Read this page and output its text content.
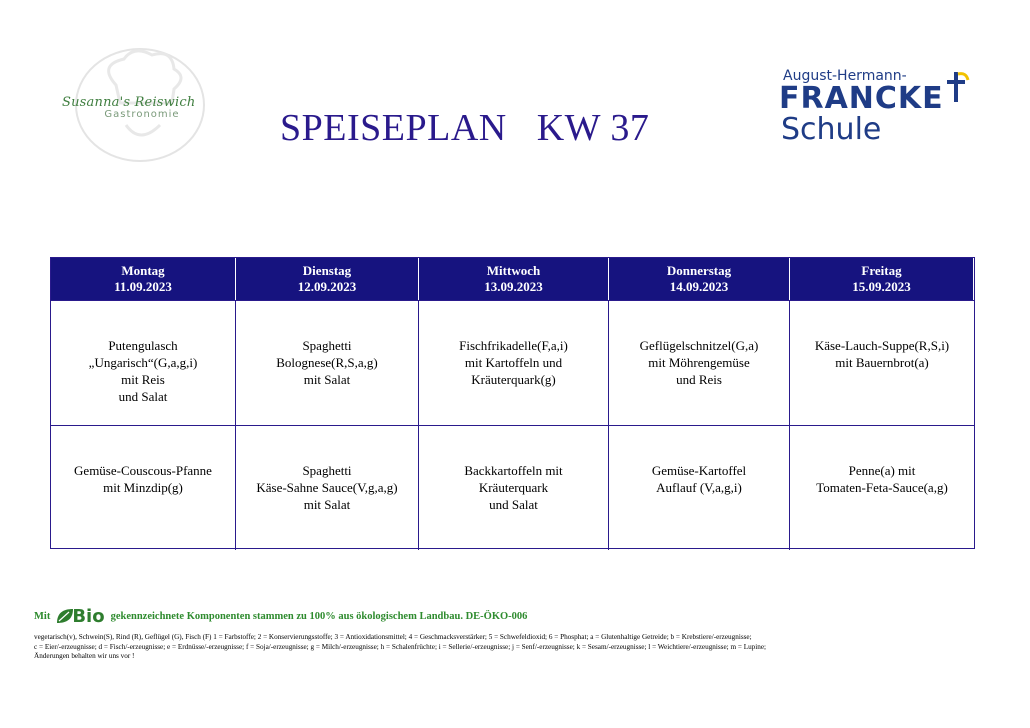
Susanna's Reiswich
Gastronomie	SPEISEPLAN   KW 37
August-Hermann-
FRANCKE
Schule
Montag
11.09.2023
Dienstag
12.09.2023
Mittwoch
13.09.2023
Donnerstag
14.09.2023
Freitag
15.09.2023
Putengulasch
„Ungarisch“(G,a,g,i)
mit Reis
und Salat
Spaghetti
Bolognese(R,S,a,g)
mit Salat
Fischfrikadelle(F,a,i)
mit Kartoffeln und
Kräuterquark(g)
Geflügelschnitzel(G,a)
mit Möhrengemüse
und Reis
Käse-Lauch-Suppe(R,S,i)
mit Bauernbrot(a)
Gemüse-Couscous-Pfanne
mit Minzdip(g)
Spaghetti
Käse-Sahne Sauce(V,g,a,g)
mit Salat
Backkartoffeln mit
Kräuterquark
und Salat
Gemüse-Kartoffel
Auflauf (V,a,g,i)
Penne(a) mit
Tomaten-Feta-Sauce(a,g)
Mit Bio gekennzeichnete Komponenten stammen zu 100% aus ökologischem Landbau. DE-ÖKO-006
vegetarisch(v), Schwein(S), Rind (R), Geflügel (G), Fisch (F) 1 = Farbstoffe; 2 = Konservierungsstoffe; 3 = Antioxidationsmittel; 4 = Geschmacksverstärker; 5 = Schwefeldioxid; 6 = Phosphat; a = Glutenhaltige Getreide; b = Krebstiere/-erzeugnisse;
c = Eier/-erzeugnisse; d = Fisch/-erzeugnisse; e = Erdnüsse/-erzeugnisse; f = Soja/-erzeugnisse; g = Milch/-erzeugnisse; h = Schalenfrüchte; i = Sellerie/-erzeugnisse; j = Senf/-erzeugnisse; k = Sesam/-erzeugnisse; l = Weichtiere/-erzeugnisse; m = Lupine;
Änderungen behalten wir uns vor !
